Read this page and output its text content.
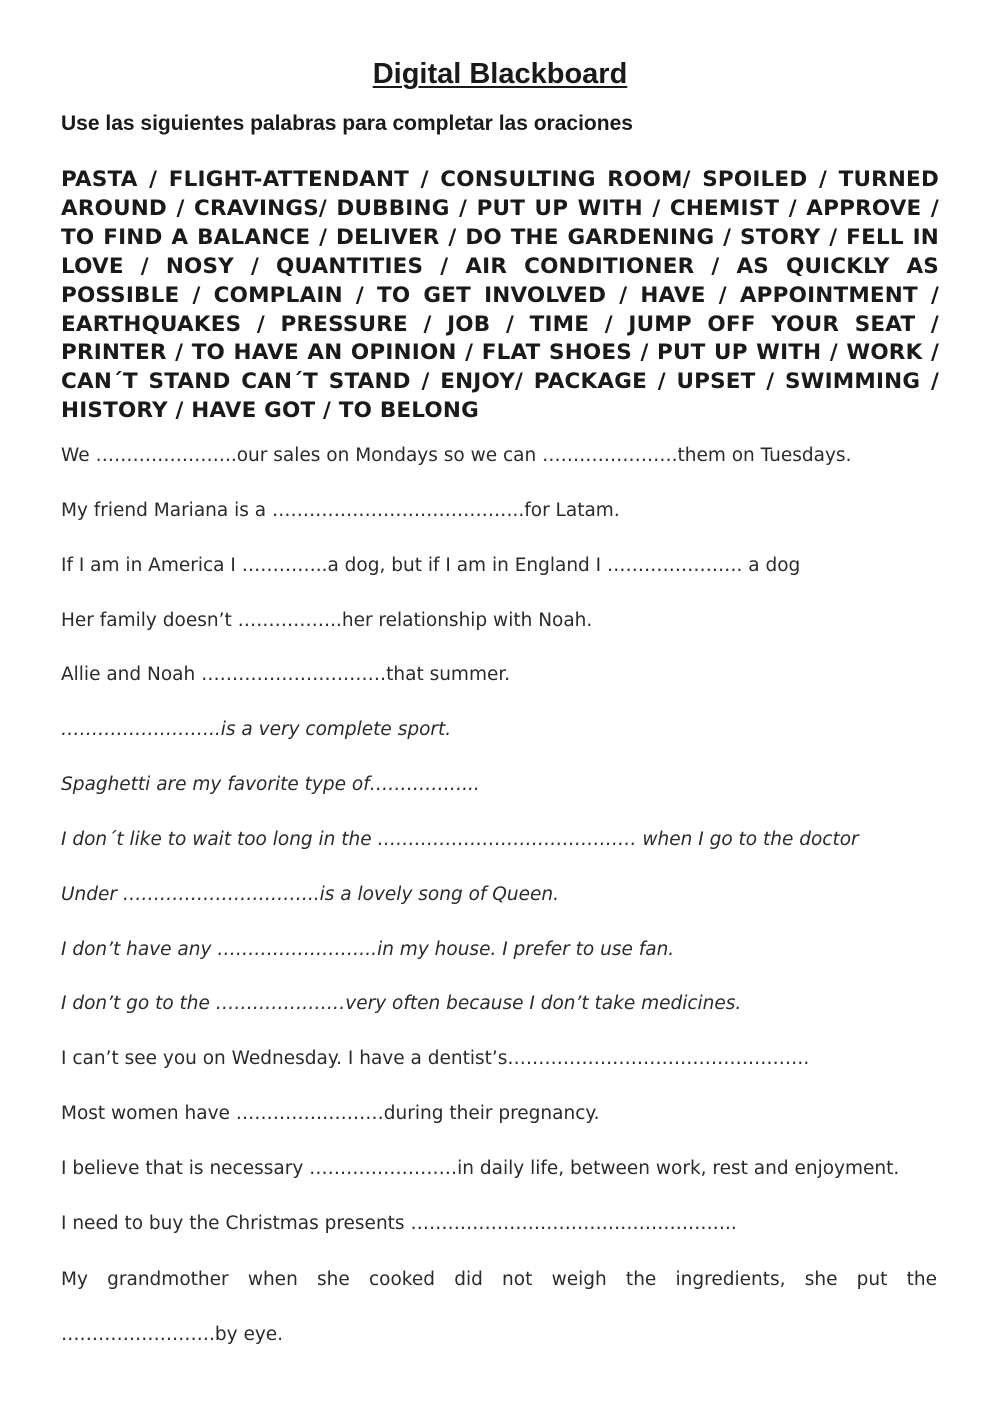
Digital Blackboard

Use las siguientes palabras para completar las oraciones

PASTA / FLIGHT-ATTENDANT / CONSULTING ROOM/ SPOILED / TURNED AROUND / CRAVINGS/ DUBBING / PUT UP WITH / CHEMIST / APPROVE / TO FIND A BALANCE / DELIVER / DO THE GARDENING / STORY / FELL IN LOVE / NOSY / QUANTITIES / AIR CONDITIONER / AS QUICKLY AS POSSIBLE / COMPLAIN / TO GET INVOLVED / HAVE / APPOINTMENT / EARTHQUAKES / PRESSURE / JOB / TIME / JUMP OFF YOUR SEAT / PRINTER / TO HAVE AN OPINION / FLAT SHOES / PUT UP WITH / WORK / CAN´T STAND CAN´T STAND / ENJOY/ PACKAGE / UPSET / SWIMMING / HISTORY / HAVE GOT / TO BELONG

We …………………..our sales on Mondays so we can ………………….them on Tuesdays.

My friend Mariana is a …………………………………..for Latam.

If I am in America I …………..a dog, but if I am in England I …………………. a dog

Her family doesn’t ……………..her relationship with Noah.

Allie and Noah …………………………that summer.

……………………..is a very complete sport.

Spaghetti are my favorite type of……………...

I don´t like to wait too long in the …………………………………… when I go to the doctor

Under …………………………..is a lovely song of Queen.

I don’t have any ……………………..in my house. I prefer to use fan.

I don’t go to the …………………very often because I don’t take medicines.

I can’t see you on Wednesday. I have a dentist’s………………………………………….

Most women have ……………………during their pregnancy.

I believe that is necessary ……………………in daily life, between work, rest and enjoyment.

I need to buy the Christmas presents ……………………………………………..

My grandmother when she cooked did not weigh the ingredients, she put the …………………….by eye.
